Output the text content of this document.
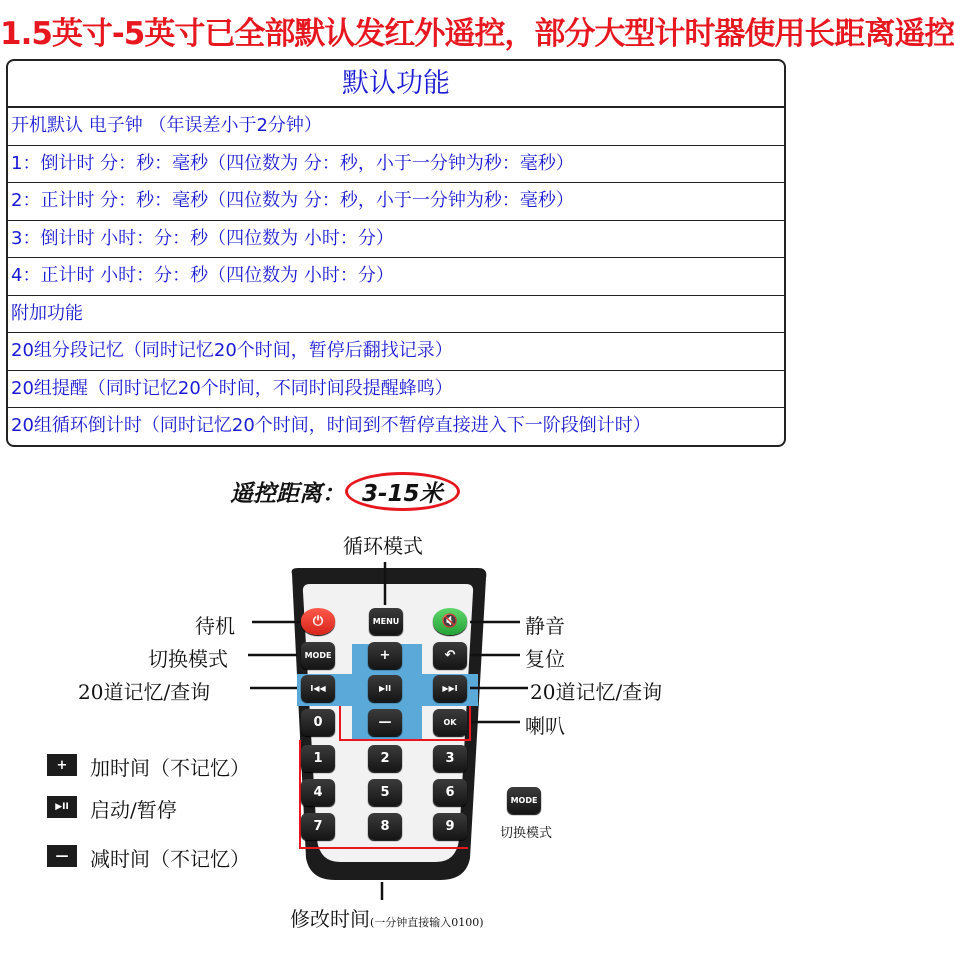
1.5英寸-5英寸已全部默认发红外遥控，部分大型计时器使用长距离遥控
默认功能
开机默认 电子钟 （年误差小于2分钟）
1：倒计时 分：秒：毫秒（四位数为 分：秒，小于一分钟为秒：毫秒）
2：正计时 分：秒：毫秒（四位数为 分：秒，小于一分钟为秒：毫秒）
3：倒计时 小时：分：秒（四位数为 小时：分）
4：正计时 小时：分：秒（四位数为 小时：分）
附加功能
20组分段记忆（同时记忆20个时间，暂停后翻找记录）
20组提醒（同时记忆20个时间，不同时间段提醒蜂鸣）
20组循环倒计时（同时记忆20个时间，时间到不暂停直接进入下一阶段倒计时）
遥控距离： 3-15米
⏻	MENU	🔇
MODE	+	↶
I◀◀	▶II	▶▶I
0	—	OK
1	2	3
4	5	6
7	8	9
循环模式
待机
切换模式
20道记忆/查询
静音
复位
20道记忆/查询
喇叭
修改时间(一分钟直接输入0100)
MODE
切换模式
+	加时间（不记忆）
▶II	启动/暂停
—	减时间（不记忆）
